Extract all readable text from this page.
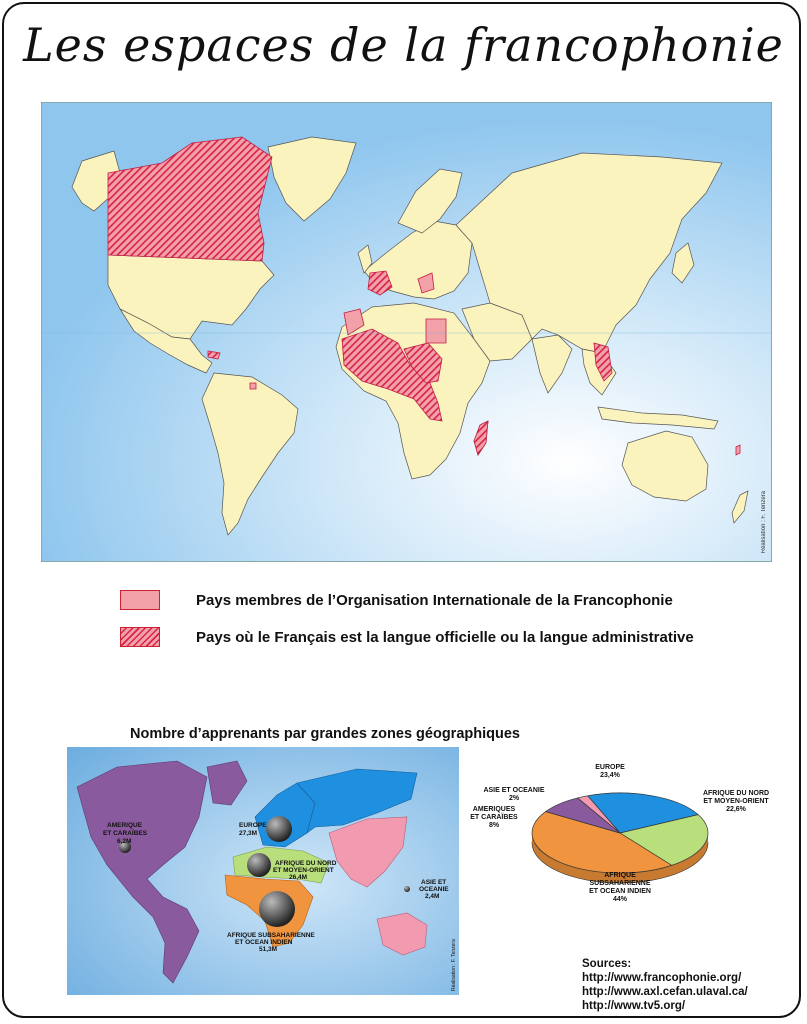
Les espaces de la francophonie
Réalisation : F. Tenzera
Pays membres de l’Organisation Internationale de la Francophonie
Pays où le Français est la langue officielle ou la langue administrative
Nombre d’apprenants par grandes zones géographiques
AMERIQUE
ET CARAÏBES
6,2M
EUROPE
27,3M
AFRIQUE DU NORD
ET MOYEN-ORIENT
26,4M
AFRIQUE SUBSAHARIENNE
ET OCEAN INDIEN
51,3M
ASIE ET
OCEANIE
2,4M
Réalisation : F. Tenzera
EUROPE
23,4%
AFRIQUE DU NORD
ET MOYEN-ORIENT
22,6%
AFRIQUE
SUBSAHARIENNE
ET OCEAN INDIEN
44%
AMERIQUES
ET CARAÏBES
8%
ASIE ET OCEANIE
2%
Sources:
http://www.francophonie.org/
http://www.axl.cefan.ulaval.ca/
http://www.tv5.org/
